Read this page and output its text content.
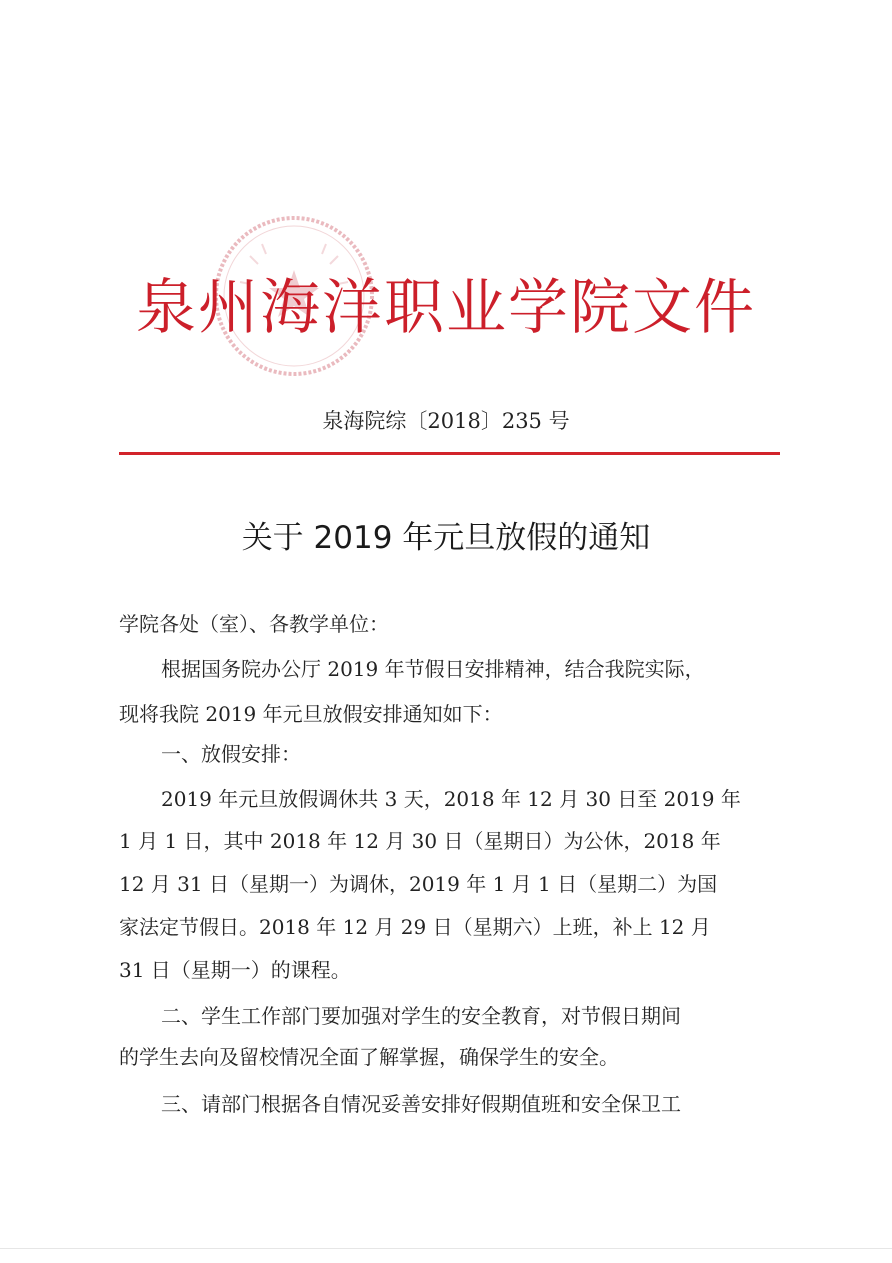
泉州海洋职业学院文件
泉海院综〔2018〕235 号
关于 2019 年元旦放假的通知
学院各处（室）、各教学单位：
根据国务院办公厅 2019 年节假日安排精神，结合我院实际，
现将我院 2019 年元旦放假安排通知如下：
一、放假安排：
2019 年元旦放假调休共 3 天，2018 年 12 月 30 日至 2019 年
1 月 1 日，其中 2018 年 12 月 30 日（星期日）为公休，2018 年
12 月 31 日（星期一）为调休，2019 年 1 月 1 日（星期二）为国
家法定节假日。2018 年 12 月 29 日（星期六）上班，补上 12 月
31 日（星期一）的课程。
二、学生工作部门要加强对学生的安全教育，对节假日期间
的学生去向及留校情况全面了解掌握，确保学生的安全。
三、请部门根据各自情况妥善安排好假期值班和安全保卫工
